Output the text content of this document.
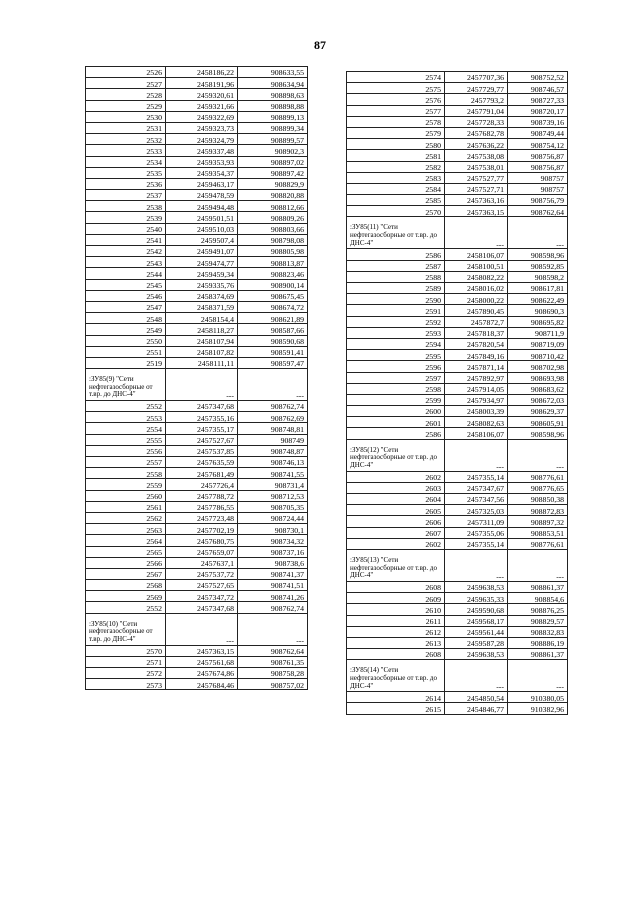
87
2526	2458186,22	908633,55
2527	2458191,96	908634,94
2528	2459320,61	908898,63
2529	2459321,66	908898,88
2530	2459322,69	908899,13
2531	2459323,73	908899,34
2532	2459324,79	908899,57
2533	2459337,48	908902,3
2534	2459353,93	908897,02
2535	2459354,37	908897,42
2536	2459463,17	908829,9
2537	2459478,59	908820,88
2538	2459494,48	908812,66
2539	2459501,51	908809,26
2540	2459510,03	908803,66
2541	2459507,4	908798,08
2542	2459491,07	908805,98
2543	2459474,77	908813,87
2544	2459459,34	908823,46
2545	2459335,76	908900,14
2546	2458374,69	908675,45
2547	2458371,59	908674,72
2548	2458154,4	908621,89
2549	2458118,27	908587,66
2550	2458107,94	908590,68
2551	2458107,82	908591,41
2519	2458111,11	908597,47
:ЗУ85(9) "Сети нефтегазосборные от т.вр. до ДНС-4"	---	---
2552	2457347,68	908762,74
2553	2457355,16	908762,69
2554	2457355,17	908748,81
2555	2457527,67	908749
2556	2457537,85	908748,87
2557	2457635,59	908746,13
2558	2457681,49	908741,55
2559	2457726,4	908731,4
2560	2457788,72	908712,53
2561	2457786,55	908705,35
2562	2457723,48	908724,44
2563	2457702,19	908730,1
2564	2457680,75	908734,32
2565	2457659,07	908737,16
2566	2457637,1	908738,6
2567	2457537,72	908741,37
2568	2457527,65	908741,51
2569	2457347,72	908741,26
2552	2457347,68	908762,74
:ЗУ85(10) "Сети нефтегазосборные от т.вр. до ДНС-4"	---	---
2570	2457363,15	908762,64
2571	2457561,68	908761,35
2572	2457674,86	908758,28
2573	2457684,46	908757,02
2574	2457707,36	908752,52
2575	2457729,77	908746,57
2576	2457793,2	908727,33
2577	2457791,04	908720,17
2578	2457728,33	908739,16
2579	2457682,78	908749,44
2580	2457636,22	908754,12
2581	2457538,08	908756,87
2582	2457538,01	908756,87
2583	2457527,77	908757
2584	2457527,71	908757
2585	2457363,16	908756,79
2570	2457363,15	908762,64
:ЗУ85(11) "Сети нефтегазосборные от т.вр. до ДНС-4"	---	---
2586	2458106,07	908598,96
2587	2458100,51	908592,85
2588	2458082,22	908598,2
2589	2458016,02	908617,81
2590	2458000,22	908622,49
2591	2457890,45	908690,3
2592	2457872,7	908695,82
2593	2457818,37	908711,9
2594	2457820,54	908719,09
2595	2457849,16	908710,42
2596	2457871,14	908702,98
2597	2457892,97	908693,98
2598	2457914,05	908683,62
2599	2457934,97	908672,03
2600	2458003,39	908629,37
2601	2458082,63	908605,91
2586	2458106,07	908598,96
:ЗУ85(12) "Сети нефтегазосборные от т.вр. до ДНС-4"	---	---
2602	2457355,14	908776,61
2603	2457347,67	908776,65
2604	2457347,56	908850,38
2605	2457325,03	908872,83
2606	2457311,09	908897,32
2607	2457355,06	908853,51
2602	2457355,14	908776,61
:ЗУ85(13) "Сети нефтегазосборные от т.вр. до ДНС-4"	---	---
2608	2459638,53	908861,37
2609	2459635,33	908854,6
2610	2459590,68	908876,25
2611	2459568,17	908829,57
2612	2459561,44	908832,83
2613	2459587,28	908886,19
2608	2459638,53	908861,37
:ЗУ85(14) "Сети нефтегазосборные от т.вр. до ДНС-4"	---	---
2614	2454850,54	910380,05
2615	2454846,77	910382,96
